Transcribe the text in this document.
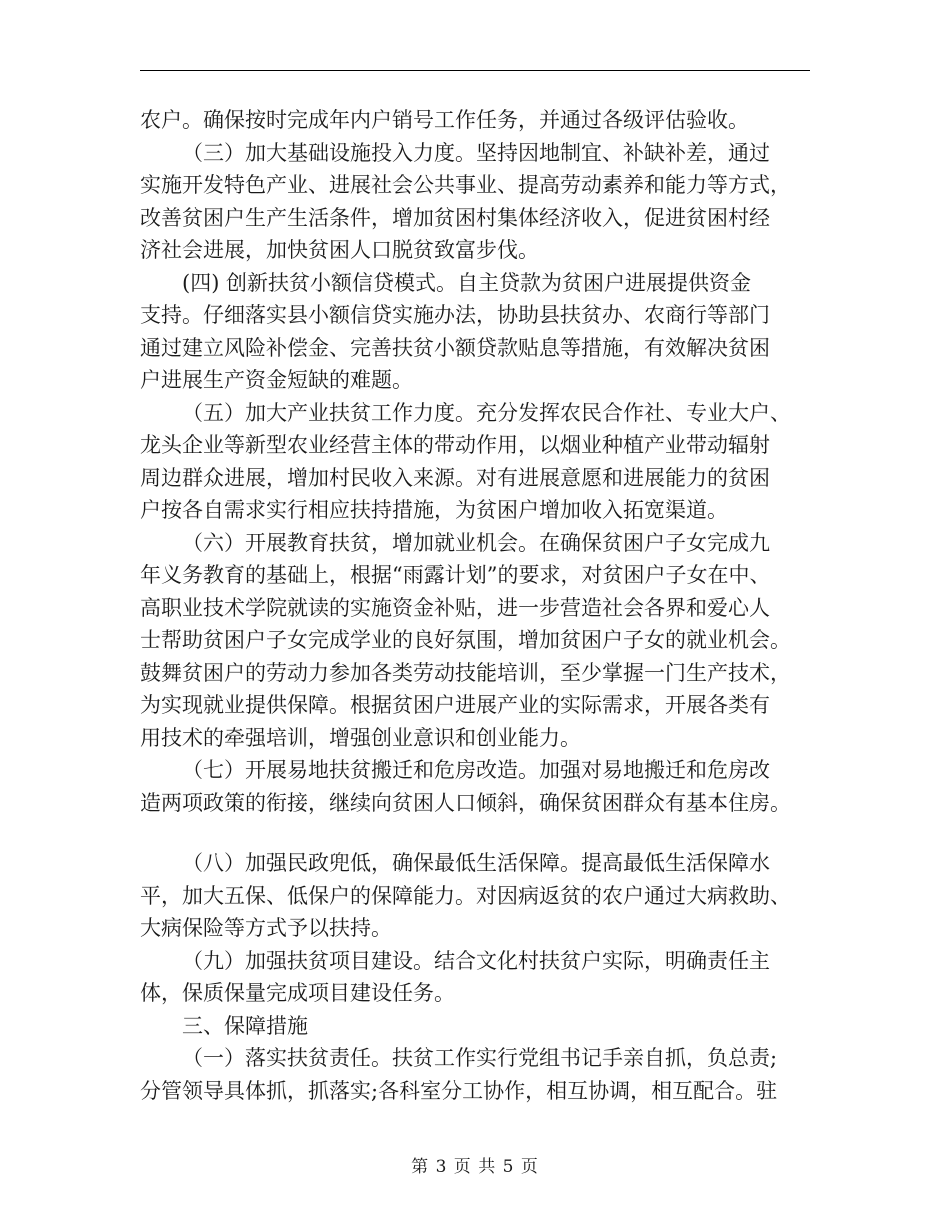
农户。确保按时完成年内户销号工作任务，并通过各级评估验收。
（三）加大基础设施投入力度。坚持因地制宜、补缺补差，通过
实施开发特色产业、进展社会公共事业、提高劳动素养和能力等方式，
改善贫困户生产生活条件，增加贫困村集体经济收入，促进贫困村经
济社会进展，加快贫困人口脱贫致富步伐。
(四) 创新扶贫小额信贷模式。自主贷款为贫困户进展提供资金
支持。仔细落实县小额信贷实施办法，协助县扶贫办、农商行等部门
通过建立风险补偿金、完善扶贫小额贷款贴息等措施，有效解决贫困
户进展生产资金短缺的难题。
（五）加大产业扶贫工作力度。充分发挥农民合作社、专业大户、
龙头企业等新型农业经营主体的带动作用，以烟业种植产业带动辐射
周边群众进展，增加村民收入来源。对有进展意愿和进展能力的贫困
户按各自需求实行相应扶持措施，为贫困户增加收入拓宽渠道。
（六）开展教育扶贫，增加就业机会。在确保贫困户子女完成九
年义务教育的基础上，根据“雨露计划”的要求，对贫困户子女在中、
高职业技术学院就读的实施资金补贴，进一步营造社会各界和爱心人
士帮助贫困户子女完成学业的良好氛围，增加贫困户子女的就业机会。
鼓舞贫困户的劳动力参加各类劳动技能培训，至少掌握一门生产技术，
为实现就业提供保障。根据贫困户进展产业的实际需求，开展各类有
用技术的牵强培训，增强创业意识和创业能力。
（七）开展易地扶贫搬迁和危房改造。加强对易地搬迁和危房改
造两项政策的衔接，继续向贫困人口倾斜，确保贫困群众有基本住房。
（八）加强民政兜低，确保最低生活保障。提高最低生活保障水
平，加大五保、低保户的保障能力。对因病返贫的农户通过大病救助、
大病保险等方式予以扶持。
（九）加强扶贫项目建设。结合文化村扶贫户实际，明确责任主
体，保质保量完成项目建设任务。
三、保障措施
（一）落实扶贫责任。扶贫工作实行党组书记手亲自抓，负总责;
分管领导具体抓，抓落实;各科室分工协作，相互协调，相互配合。驻
第 3 页 共 5 页
